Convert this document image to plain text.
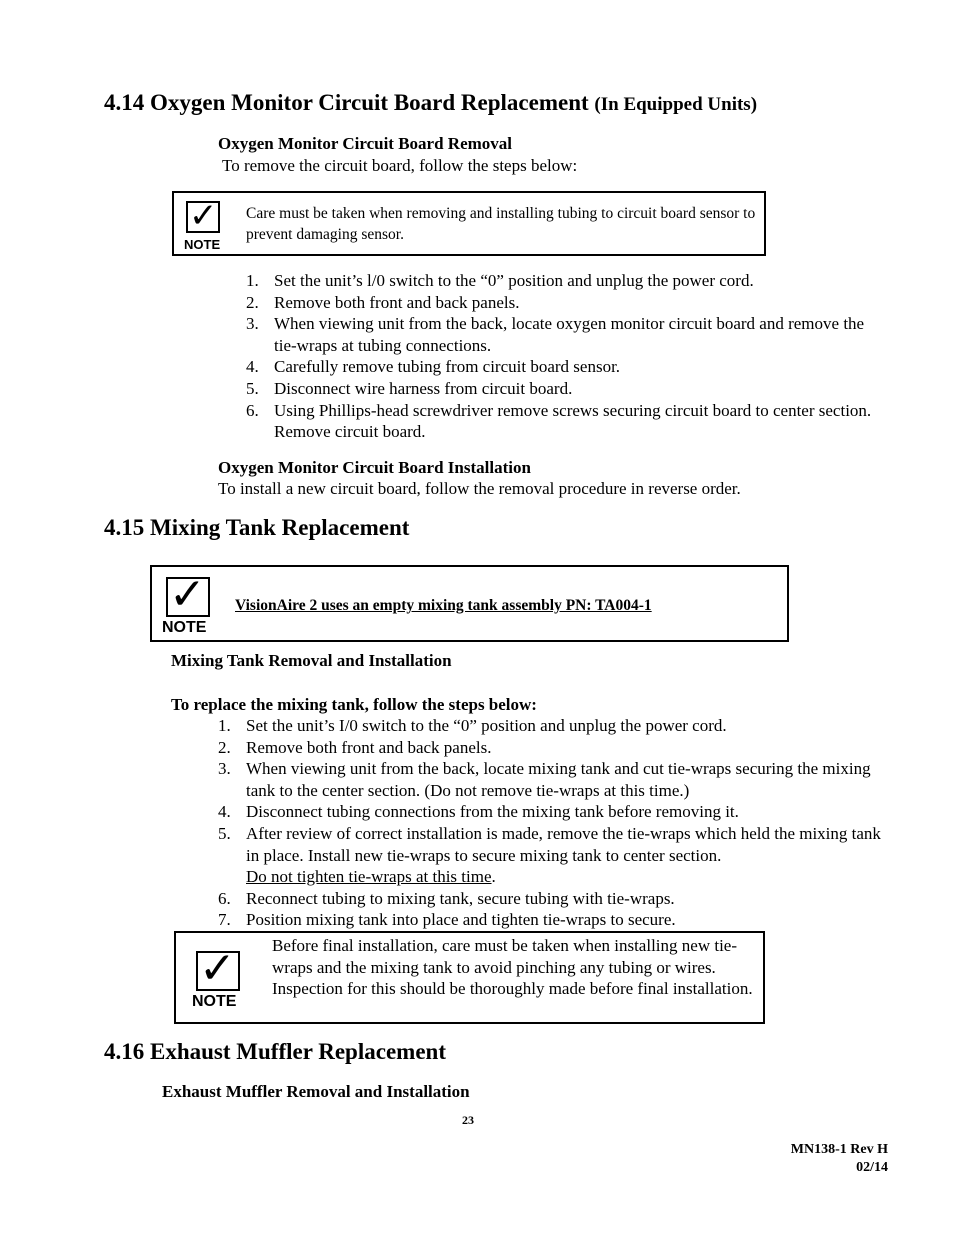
4.14 Oxygen Monitor Circuit Board Replacement (In Equipped Units)
Oxygen Monitor Circuit Board Removal
To remove the circuit board, follow the steps below:
✓
NOTE
Care must be taken when removing and installing tubing to circuit board sensor to prevent damaging sensor.
1. Set the unit’s l/0 switch to the “0” position and unplug the power cord.
2. Remove both front and back panels.
3. When viewing unit from the back, locate oxygen monitor circuit board and remove the tie-wraps at tubing connections.
4. Carefully remove tubing from circuit board sensor.
5. Disconnect wire harness from circuit board.
6. Using Phillips-head screwdriver remove screws securing circuit board to center section. Remove circuit board.
Oxygen Monitor Circuit Board Installation
To install a new circuit board, follow the removal procedure in reverse order.
4.15 Mixing Tank Replacement
✓
NOTE
VisionAire 2 uses an empty mixing tank assembly PN: TA004-1
Mixing Tank Removal and Installation
To replace the mixing tank, follow the steps below:
1. Set the unit’s I/0 switch to the “0” position and unplug the power cord.
2. Remove both front and back panels.
3. When viewing unit from the back, locate mixing tank and cut tie-wraps securing the mixing tank to the center section. (Do not remove tie-wraps at this time.)
4. Disconnect tubing connections from the mixing tank before removing it.
5. After review of correct installation is made, remove the tie-wraps which held the mixing tank in place. Install new tie-wraps to secure mixing tank to center section.
Do not tighten tie-wraps at this time.
6. Reconnect tubing to mixing tank, secure tubing with tie-wraps.
7. Position mixing tank into place and tighten tie-wraps to secure.
✓
NOTE
Before final installation, care must be taken when installing new tie-wraps and the mixing tank to avoid pinching any tubing or wires. Inspection for this should be thoroughly made before final installation.
4.16 Exhaust Muffler Replacement
Exhaust Muffler Removal and Installation
23
MN138-1 Rev H
02/14
